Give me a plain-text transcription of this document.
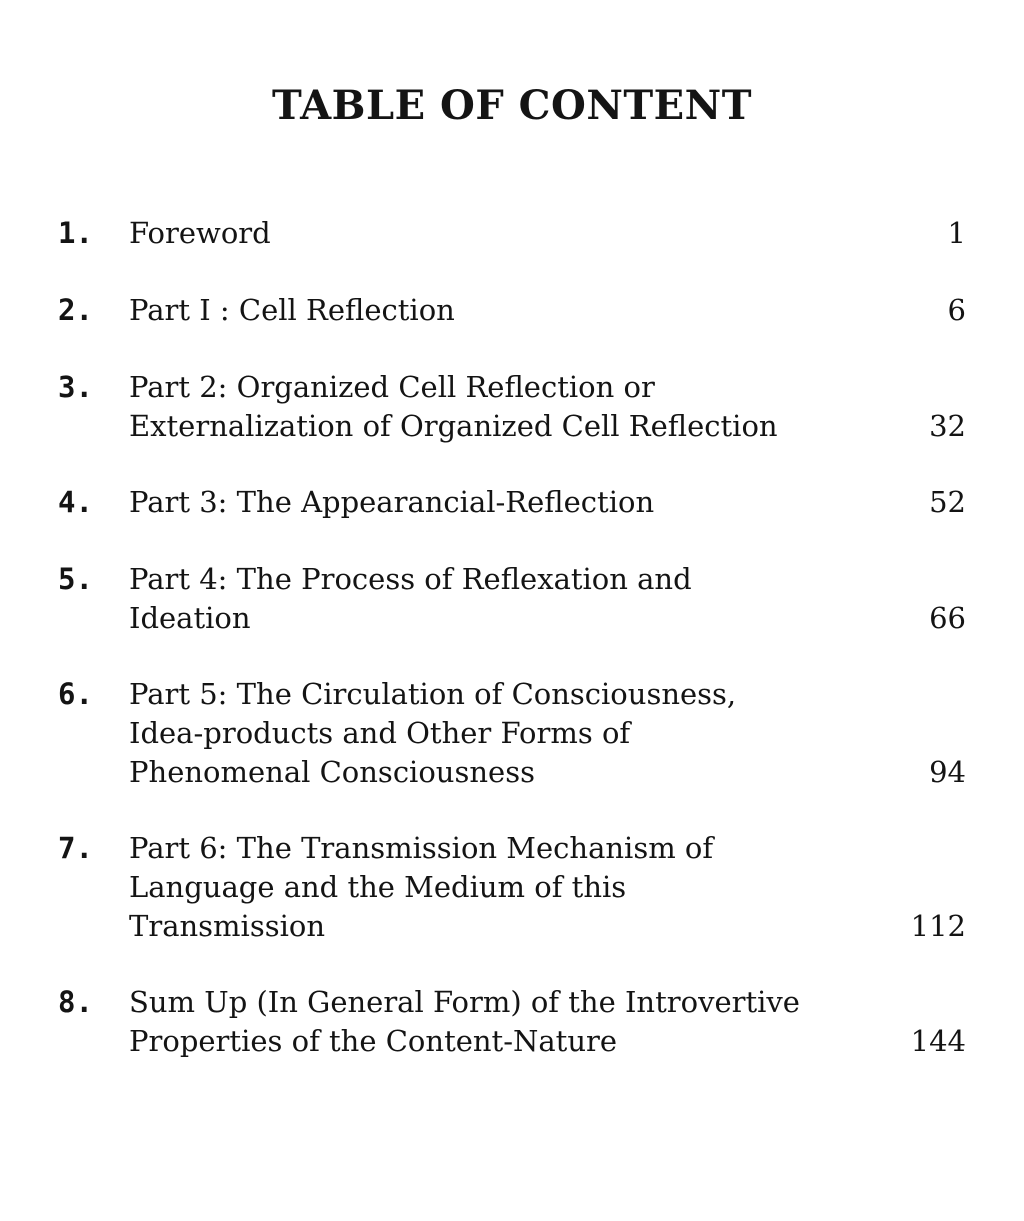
TABLE OF CONTENT
1. Foreword	1
2. Part I : Cell Reflection	6
3. Part 2: Organized Cell Reflection or
Externalization of Organized Cell Reflection	32
4. Part 3: The Appearancial-Reflection	52
5. Part 4: The Process of Reflexation and
Ideation	66
6. Part 5: The Circulation of Consciousness,
Idea-products and Other Forms of
Phenomenal Consciousness	94
7. Part 6: The Transmission Mechanism of
Language and the Medium of this
Transmission	112
8. Sum Up (In General Form) of the Introvertive
Properties of the Content-Nature	144
